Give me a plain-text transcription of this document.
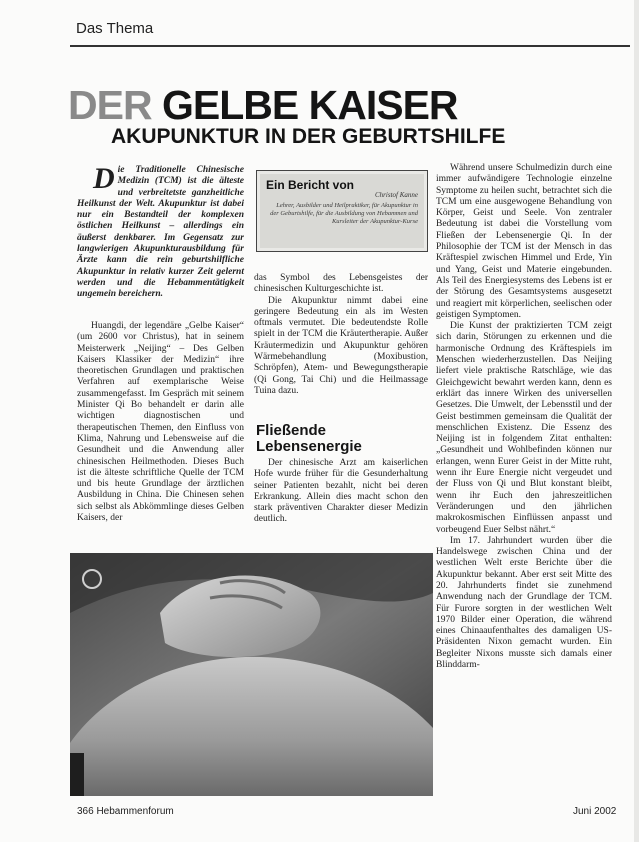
Das Thema
DER GELBE KAISER
AKUPUNKTUR IN DER GEBURTSHILFE
Die Traditionelle Chinesische Medizin (TCM) ist die älteste und verbreitetste ganzheitliche Heilkunst der Welt. Akupunktur ist dabei nur ein Bestandteil der komplexen östlichen Heilkunst – allerdings ein äußerst denkbarer. Im Gegensatz zur langwierigen Akupunkturausbildung für Ärzte kann die rein geburtshilfliche Akupunktur in relativ kurzer Zeit gelernt werden und die Hebammentätigkeit ungemein bereichern.

Huangdi, der legendäre „Gelbe Kaiser“ (um 2600 vor Christus), hat in seinem Meisterwerk „Neijing“ – Des Gelben Kaisers Klassiker der Medizin“ ihre theoretischen Grundlagen und praktischen Verfahren auf exemplarische Weise zusammengefasst. Im Gespräch mit seinem Minister Qi Bo behandelt er darin alle wichtigen diagnostischen und therapeutischen Themen, den Einfluss von Klima, Nahrung und Lebensweise auf die Gesundheit und die Anwendung aller chinesischen Heilmethoden. Dieses Buch ist die älteste schriftliche Quelle der TCM und bis heute Grundlage der ärztlichen Ausbildung in China. Die Chinesen sehen sich selbst als Abkömmlinge dieses Gelben Kaisers, der

Ein Bericht von
Christof Kanne
Lehrer, Ausbilder und Heilpraktiker, für Akupunktur in der Geburtshilfe, für die Ausbildung von Hebammen und Kursleiter der Akupunktur-Kurse

das Symbol des Lebensgeistes der chinesischen Kulturgeschichte ist.

Die Akupunktur nimmt dabei eine geringere Bedeutung ein als im Westen oftmals vermutet. Die bedeutendste Rolle spielt in der TCM die Kräutertherapie. Außer Kräutermedizin und Akupunktur gehören Wärmebehandlung (Moxibustion, Schröpfen), Atem- und Bewegungstherapie (Qi Gong, Tai Chi) und die Heilmassage Tuina dazu.

Fließende Lebensenergie

Der chinesische Arzt am kaiserlichen Hofe wurde früher für die Gesunderhaltung seiner Patienten bezahlt, nicht bei deren Erkrankung. Allein dies macht schon den stark präventiven Charakter dieser Medizin deutlich.

Während unsere Schulmedizin durch eine immer aufwändigere Technologie einzelne Symptome zu heilen sucht, betrachtet sich die TCM um eine ausgewogene Behandlung von Körper, Geist und Seele. Von zentraler Bedeutung ist dabei die Vorstellung vom Fließen der Lebensenergie Qi. In der Philosophie der TCM ist der Mensch in das Kräftespiel zwischen Himmel und Erde, Yin und Yang, Geist und Materie eingebunden. Als Teil des Energiesystems des Lebens ist er der Störung des Gesamtsystems ausgesetzt und reagiert mit körperlichen, seelischen oder geistigen Symptomen.

Die Kunst der praktizierten TCM zeigt sich darin, Störungen zu erkennen und die harmonische Ordnung des Kräftespiels im Menschen wiederherzustellen. Das Neijing liefert viele praktische Ratschläge, wie das Gleichgewicht bewahrt werden kann, denn es erklärt das innere Wirken des universellen Gesetzes. Die Umwelt, der Lebensstil und der Geist bestimmen gemeinsam die Qualität der menschlichen Existenz. Die Essenz des Neijing ist in folgendem Zitat enthalten: „Gesundheit und Wohlbefinden können nur erlangen, wenn Eurer Geist in der Mitte ruht, wenn ihr Eure Energie nicht vergeudet und der Fluss von Qi und Blut konstant bleibt, wenn ihr Euch den jahreszeitlichen Veränderungen und den jährlichen makrokosmischen Einflüssen anpasst und vorbeugend Euer Selbst nährt.“

Im 17. Jahrhundert wurden über die Handelswege zwischen China und der westlichen Welt erste Berichte über die Akupunktur bekannt. Aber erst seit Mitte des 20. Jahrhunderts findet sie zunehmend Anwendung nach der Grundlage der TCM. Für Furore sorgten in der westlichen Welt 1970 Bilder einer Operation, die während eines Chinaaufenthaltes des damaligen US-Präsidenten Nixon gemacht wurden. Ein Begleiter Nixons musste sich damals einer Blinddarm-

366 Hebammenforum	Juni 2002
